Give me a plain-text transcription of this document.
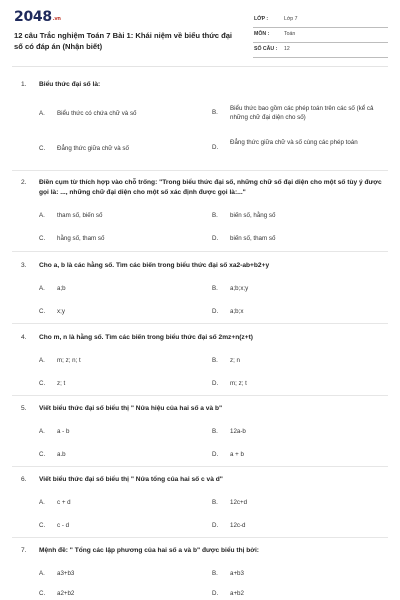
2048.vn
12 câu Trắc nghiệm Toán 7 Bài 1: Khái niệm về biểu thức đại số có đáp án (Nhận biết)
LỚP :	Lớp 7
MÔN :	Toán
SỐ CÂU : 12
1. Biểu thức đại số là:
A. Biểu thức có chứa chữ và số	B.
Biểu thức bao gồm các phép toán trên các số (kể cả những chữ đại diện cho số)
C. Đẳng thức giữa chữ và số	D.
Đẳng thức giữa chữ và số cùng các phép toán
2. Điền cụm từ thích hợp vào chỗ trống: "Trong biểu thức đại số, những chữ số đại diện cho một số tùy ý được gọi là: ..., những chữ đại diện cho một số xác định được gọi là:..."
A. tham số, biến số	B. biến số, hằng số
C. hằng số, tham số	D. biến số, tham số
3. Cho a, b là các hằng số. Tìm các biến trong biểu thức đại số xa2-ab+b2+y
A. a;b	B. a;b;x;y
C. x;y	D. a;b;x
4. Cho m, n là hằng số. Tìm các biến trong biểu thức đại số 2mz+n(z+t)
A. m; z; n; t	B. z; n
C. z; t	D. m; z; t
5. Viết biểu thức đại số biểu thị " Nửa hiệu của hai số a và b"
A. a - b	B. 12a-b
C. a.b	D. a + b
6. Viết biểu thức đại số biểu thị " Nửa tổng của hai số c và d"
A. c + d	B. 12c+d
C. c - d	D. 12c-d
7. Mệnh đề: " Tổng các lập phương của hai số a và b" được biểu thị bởi:
A. a3+b3	B. a+b3
C. a2+b2	D. a+b2
